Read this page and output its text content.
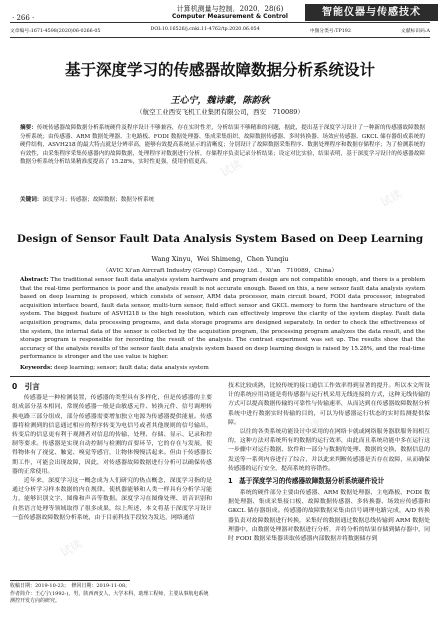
· 266 ·
计算机测量与控制．2020．28(6)
Computer Measurement & Control	智能仪器与传感技术
文章编号:1671-4598(2020)06-0266-05	DOI:10.16526/j.cnki.11-4762/tp.2020.06.054	中图分类号:TP192	文献标识码:A
试读
试读
试读
试读
试读
试读
基于深度学习的传感器故障数据分析系统设计
王心宁，魏诗蒙，陈韵秋
（航空工业西安飞机工业集团有限公司，西安　710089）
摘要：传统传感器故障数据分析系统硬件及程序设计不够兼容，存在实时性差，分析结果不够精准的问题，据此，提出基于深度学习设计了一种新的传感器故障数据分析系统；由传感器、ARM 数据处理器、主电路板、FODI 数据处理器、集成采集组织，故障数据传感器、多时转换器、场效应传感器、GKCL 储存器组成系统的硬件结构，ASVH218 的最大特点就是分辨率高，能够有效提高系统显示的清晰度；分别设计了故障数据采集程序、数据处理程序和数据存储程序；为了检测系统的有效性，由采集程序采集传感器内的故障数据，处理程序对数据进行分析，存储程序负责记录分析结果；设定对比实验，结果表明，基于深度学习设计的传感器故障数据分析系统分析结果精准度提高了 15.28%，实时性更强，使用价值更高。
关键词：深度学习；传感器；故障数据；数据分析系统
Design of Sensor Fault Data Analysis System Based on Deep Learning
Wang Xinyu，Wei Shimeng，Chen Yunqiu
（AVIC Xi'an Aircraft Industry (Group) Company Ltd．，Xi'an　710089，China）
Abstract: The traditional sensor fault data analysis system hardware and program design are not compatible enough, and there is a problem that the real-time performance is poor and the analysis result is not accurate enough. Based on this, a new sensor fault data analysis system based on deep learning is proposed, which consists of sensor, ARM data processor, main circuit board, FODI data processor, integrated acquisition interface board, fault data sensor, multi-turn sensor, field effect sensor and GKCL memory to form the hardware structure of the system. The biggest feature of ASVH218 is the high resolution, which can effectively improve the clarity of the system display. Fault data acquisition programs, data processing programs, and data storage programs are designed separately. In order to check the effectiveness of the system, the internal data of the sensor is collected by the acquisition program, the processing program analyzes the data result, and the storage program is responsible for recording the result of the analysis. The contrast experiment was set up. The results show that the accuracy of the analysis results of the sensor fault data analysis system based on deep learning design is raised by 15.28%, and the real-time performance is stronger and the use value is higher.
Keywords: deep learning; sensor; fault data; data analysis system
0　引言

传感器是一种检测装置，传感器的类型具有多样化，但是传感器的主要组成部分基本相同，常规传感器一般是由敏感元件、转换元件、信号调理转换电路三部分组成，部分传感器需要增加独立电源为传感器提供能量。传感器将检测到的信息通过相应的程序转变为电信号或者其他规则的信号输出，转变后的信息更有利于观测者对信息的传输、处理、存储、显示、记录和控制等要求。传感器是实现自动控制与检测的首要环节，它的存在与发展，使得物体有了视觉、触觉、嗅觉等感官，让物体慢慢活起来。但由于传感器长期工作，可能会出现故障，因此，对传感器故障数据进行分析可以确保传感器的正常使用。

近年来，深度学习这一概念成为人们研究的热点概念，深度学习指的是通过分析学习样本数据的内在规律，使机器能够和人类一样具有分析学习能力，能够识别文字、图像和声音等数据。深度学习在图像处理、语音识别和自然语言处理等领域取得了很多成果，综上所述，本文将基于深度学习设计一套传感器故障数据分析系统，由于目前科技手段较为发达，网络通信

收稿日期：2019-10-23；　修回日期：2019-11-08。
作者简介：王心宁(1992-)，男，陕西西安人，大学本科，助理工程师，主要从事航电系统测控开发方向的研究。

技术比较成熟，比较传统的接口通信工作效率得到显著的提升。所以本文所设计的系统应用功能是将传感器与运行机采用无线连接的方式，这种无线传输的方式可以提高数据传输的可靠性与传输速率，从而达到在传感器故障数据分析系统中进行数据实时传输的目的，可以为传感器运行状态的实时监测提供保障。

以往的各类系统功能设计中采用的在网络卡就或网络服务器联服务间相互的，这种方法对系统所有的数据的运行效率，由此而且系统功能中多在运行这一步骤中对运行数据、软件和一部分与数据的处理、数据的交换、数据信息的发送等一系列内容进行了综合，并以此来判断传感器是否存在故障，从而确保传感器的运行安全，提高系统的容错性。

1　基于深度学习的传感器故障数据分析系统硬件设计

系统的硬件部分主要由传感器、ARM 数据处理器、主电路板、FODI 数据处理器、集成采集接口板、故障数据传感器、多转换器、场效应传感器和 GKCL 储存器组成。传感器的故障数据采集由信号调理电路完成，A/D 转换器负责对故障数据进行转换，采集好的数据通过数据总线传输到 ARM 数据处理器中，由数据处理器对数据进行分析，并将分析的结果存储到储存器中，同时 FODI 数据采集器读取传感器内部数据并将数据储存到
